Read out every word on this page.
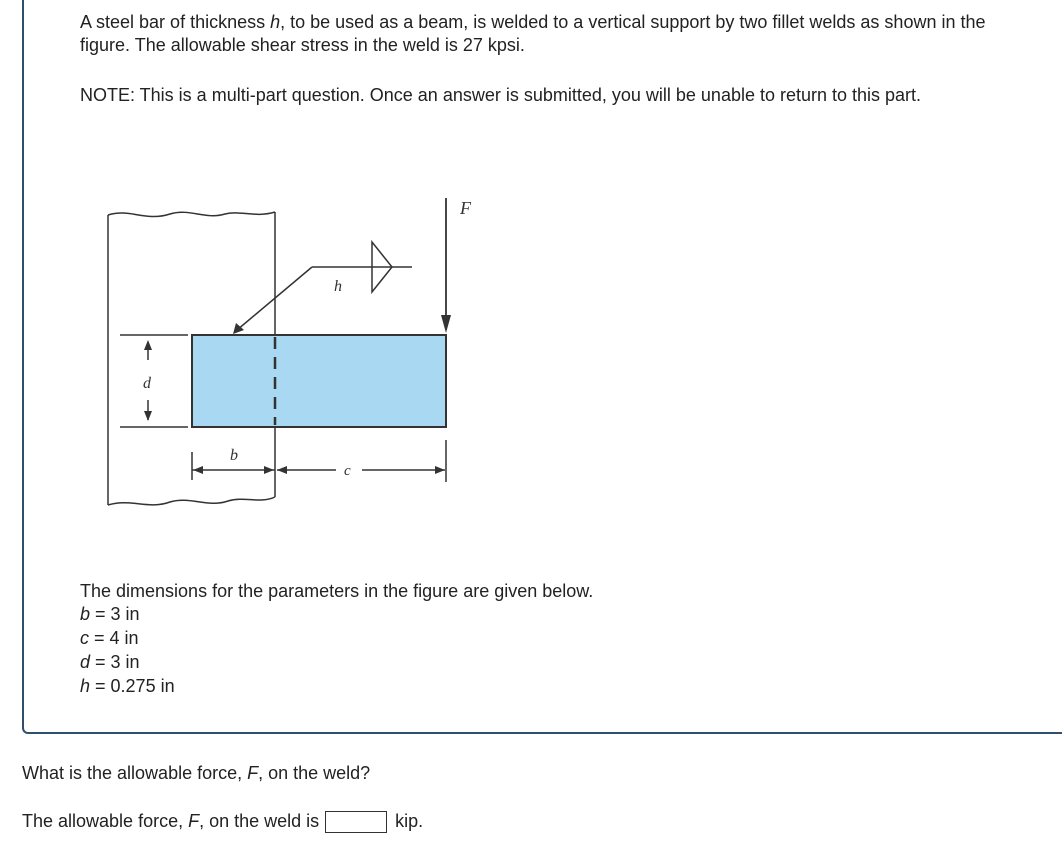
A steel bar of thickness h, to be used as a beam, is welded to a vertical support by two fillet welds as shown in the figure. The allowable shear stress in the weld is 27 kpsi.

NOTE: This is a multi-part question. Once an answer is submitted, you will be unable to return to this part.

F
h
d
b
c

The dimensions for the parameters in the figure are given below.

b = 3 in
c = 4 in
d = 3 in
h = 0.275 in
What is the allowable force, F, on the weld?
The allowable force, F, on the weld is	kip.
